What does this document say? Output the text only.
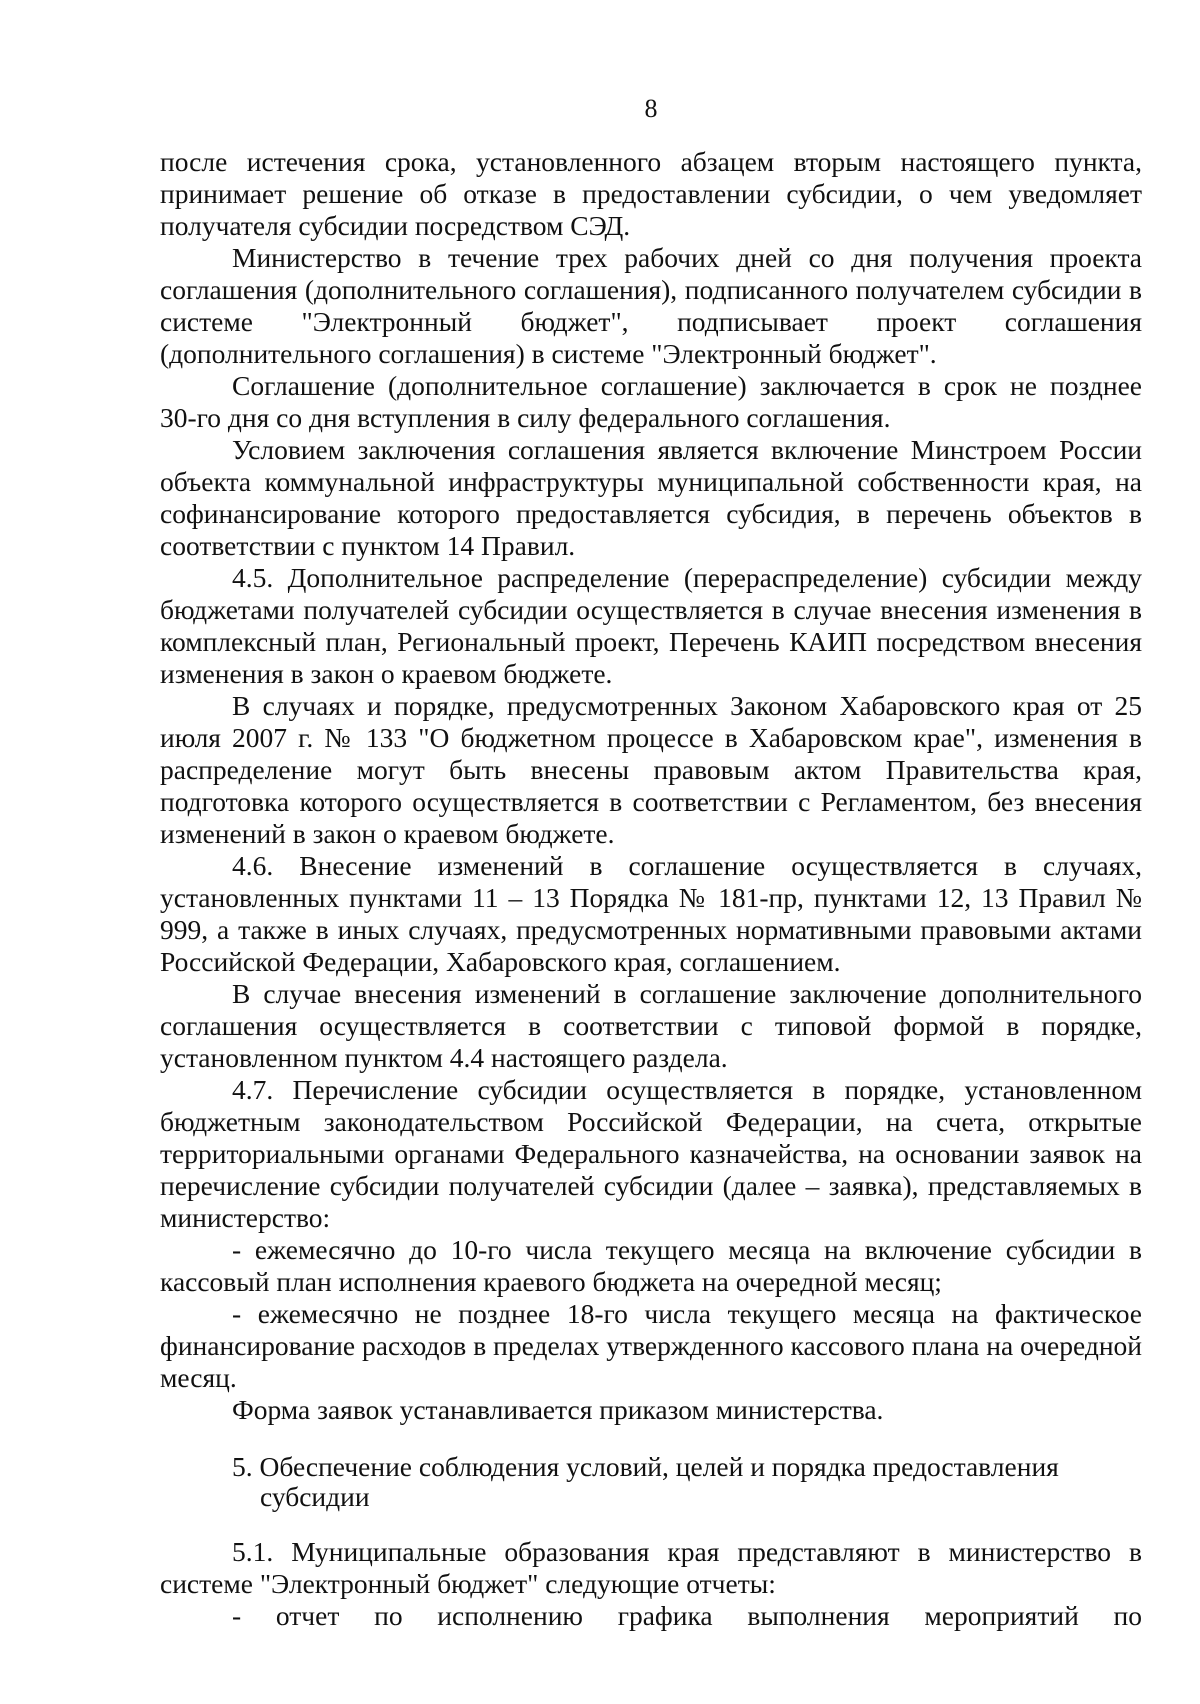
8

после истечения срока, установленного абзацем вторым настоящего пункта, принимает решение об отказе в предоставлении субсидии, о чем уведомляет получателя субсидии посредством СЭД.

Министерство в течение трех рабочих дней со дня получения проекта соглашения (дополнительного соглашения), подписанного получателем субсидии в системе "Электронный бюджет", подписывает проект соглашения (дополнительного соглашения) в системе "Электронный бюджет".

Соглашение (дополнительное соглашение) заключается в срок не позднее 30-го дня со дня вступления в силу федерального соглашения.

Условием заключения соглашения является включение Минстроем России объекта коммунальной инфраструктуры муниципальной собственности края, на софинансирование которого предоставляется субсидия, в перечень объектов в соответствии с пунктом 14 Правил.

4.5. Дополнительное распределение (перераспределение) субсидии между бюджетами получателей субсидии осуществляется в случае внесения изменения в комплексный план, Региональный проект, Перечень КАИП посредством внесения изменения в закон о краевом бюджете.

В случаях и порядке, предусмотренных Законом Хабаровского края от 25 июля 2007 г. № 133 "О бюджетном процессе в Хабаровском крае", изменения в распределение могут быть внесены правовым актом Правительства края, подготовка которого осуществляется в соответствии с Регламентом, без внесения изменений в закон о краевом бюджете.

4.6. Внесение изменений в соглашение осуществляется в случаях, установленных пунктами 11 – 13 Порядка № 181-пр, пунктами 12, 13 Правил № 999, а также в иных случаях, предусмотренных нормативными правовыми актами Российской Федерации, Хабаровского края, соглашением.

В случае внесения изменений в соглашение заключение дополнительного соглашения осуществляется в соответствии с типовой формой в порядке, установленном пунктом 4.4 настоящего раздела.

4.7. Перечисление субсидии осуществляется в порядке, установленном бюджетным законодательством Российской Федерации, на счета, открытые территориальными органами Федерального казначейства, на основании заявок на перечисление субсидии получателей субсидии (далее – заявка), представляемых в министерство:

- ежемесячно до 10-го числа текущего месяца на включение субсидии в кассовый план исполнения краевого бюджета на очередной месяц;

- ежемесячно не позднее 18-го числа текущего месяца на фактическое финансирование расходов в пределах утвержденного кассового плана на очередной месяц.

Форма заявок устанавливается приказом министерства.

5. Обеспечение соблюдения условий, целей и порядка предоставления
субсидии

5.1. Муниципальные образования края представляют в министерство в системе "Электронный бюджет" следующие отчеты:

- отчет по исполнению графика выполнения мероприятий по
